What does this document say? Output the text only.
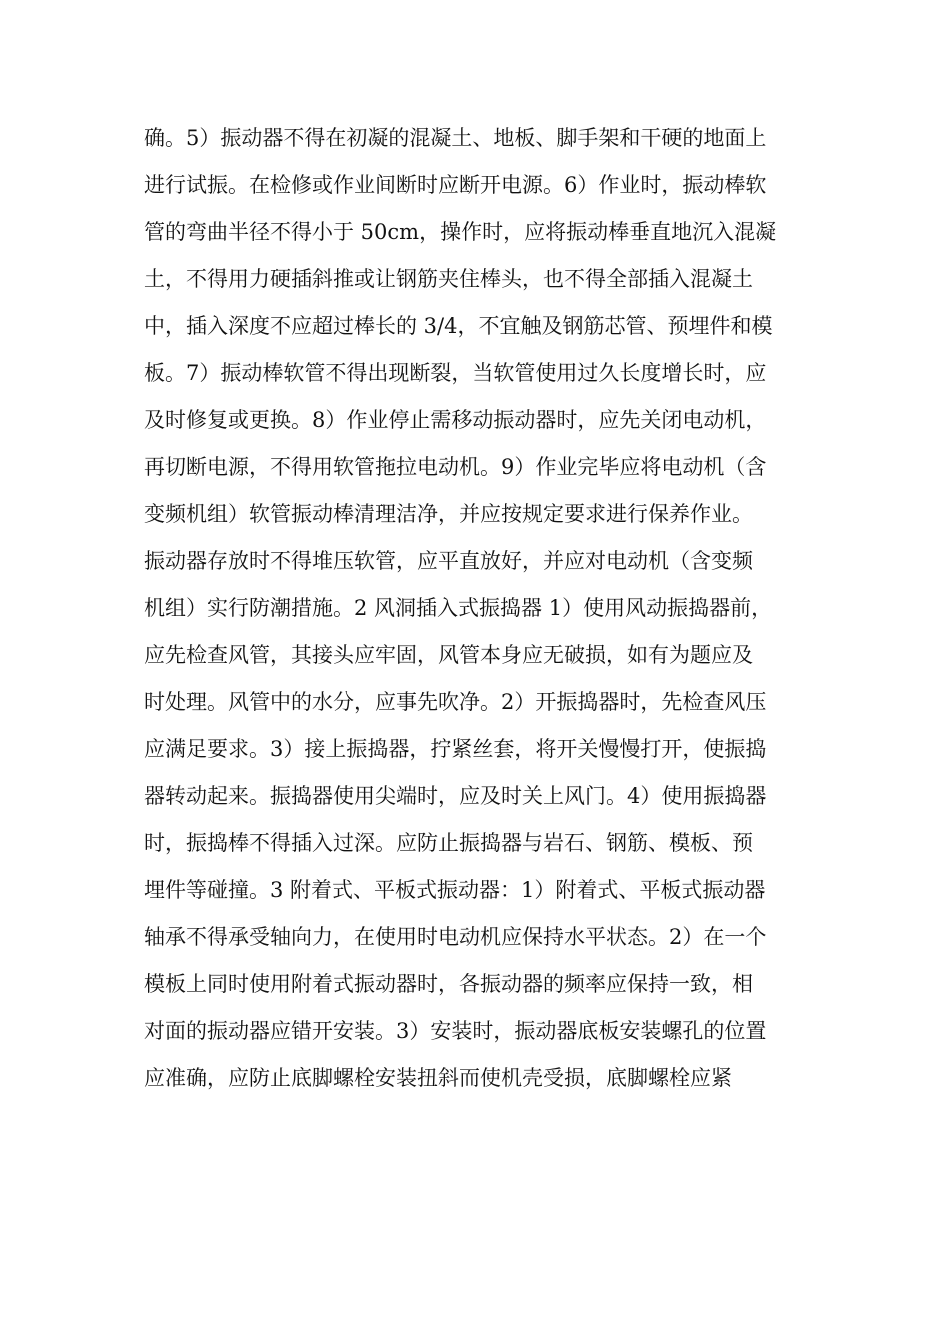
确。5）振动器不得在初凝的混凝土、地板、脚手架和干硬的地面上
进行试振。在检修或作业间断时应断开电源。6）作业时，振动棒软
管的弯曲半径不得小于 50cm，操作时，应将振动棒垂直地沉入混凝
土，不得用力硬插斜推或让钢筋夹住棒头，也不得全部插入混凝土
中，插入深度不应超过棒长的 3/4，不宜触及钢筋芯管、预埋件和模
板。7）振动棒软管不得出现断裂，当软管使用过久长度增长时，应
及时修复或更换。8）作业停止需移动振动器时，应先关闭电动机，
再切断电源，不得用软管拖拉电动机。9）作业完毕应将电动机（含
变频机组）软管振动棒清理洁净，并应按规定要求进行保养作业。
振动器存放时不得堆压软管，应平直放好，并应对电动机（含变频
机组）实行防潮措施。2 风洞插入式振捣器 1）使用风动振捣器前，
应先检查风管，其接头应牢固，风管本身应无破损，如有为题应及
时处理。风管中的水分，应事先吹净。2）开振捣器时，先检查风压
应满足要求。3）接上振捣器，拧紧丝套，将开关慢慢打开，使振捣
器转动起来。振捣器使用尖端时，应及时关上风门。4）使用振捣器
时，振捣棒不得插入过深。应防止振捣器与岩石、钢筋、模板、预
埋件等碰撞。3 附着式、平板式振动器：1）附着式、平板式振动器
轴承不得承受轴向力，在使用时电动机应保持水平状态。2）在一个
模板上同时使用附着式振动器时，各振动器的频率应保持一致，相
对面的振动器应错开安装。3）安装时，振动器底板安装螺孔的位置
应准确，应防止底脚螺栓安装扭斜而使机壳受损，底脚螺栓应紧
